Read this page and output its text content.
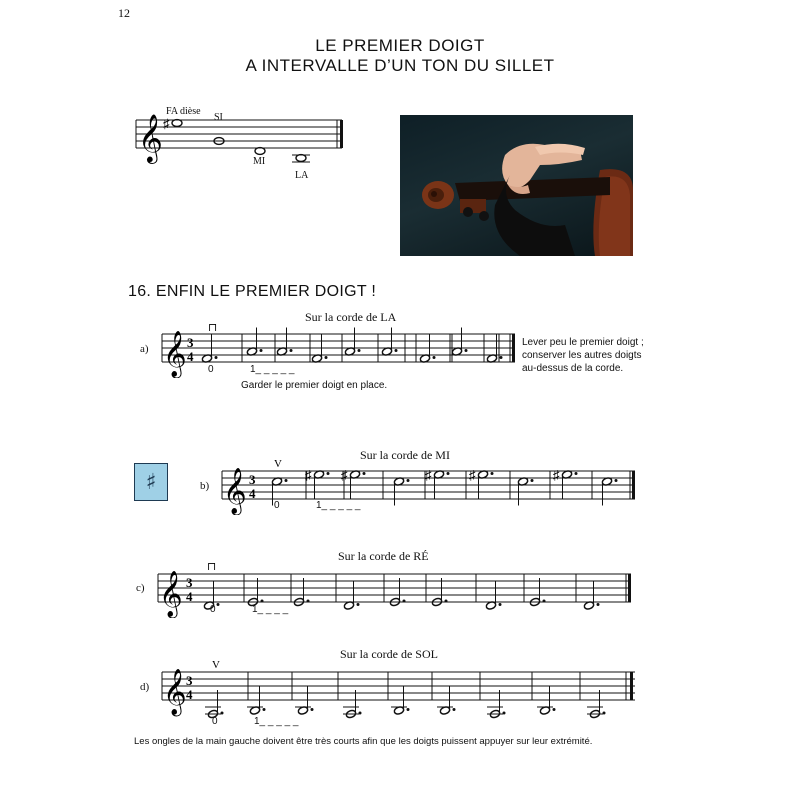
12
LE PREMIER DOIGT
A INTERVALLE D’UN TON DU SILLET
𝄞 ♯
FA dièse
SI
MI
LA
16. ENFIN LE PREMIER DOIGT !
Sur la corde de LA
a) 𝄞 3
4
⊓
0	1_ _ _ _ _
Garder le premier doigt en place.
Lever peu le premier doigt ;
conserver les autres doigts
au-dessus de la corde.
♯
Sur la corde de MI
b) 𝄞 3
4
V
♯ ♯	♯	♯	♯
0	1_ _ _ _ _
Sur la corde de RÉ
c) 𝄞 3
4
⊓
0	1_ _ _ _
Sur la corde de SOL
d) 𝄞 3
4
V
0	1_ _ _ _ _
Les ongles de la main gauche doivent être très courts afin que les doigts puissent appuyer sur leur extrémité.
